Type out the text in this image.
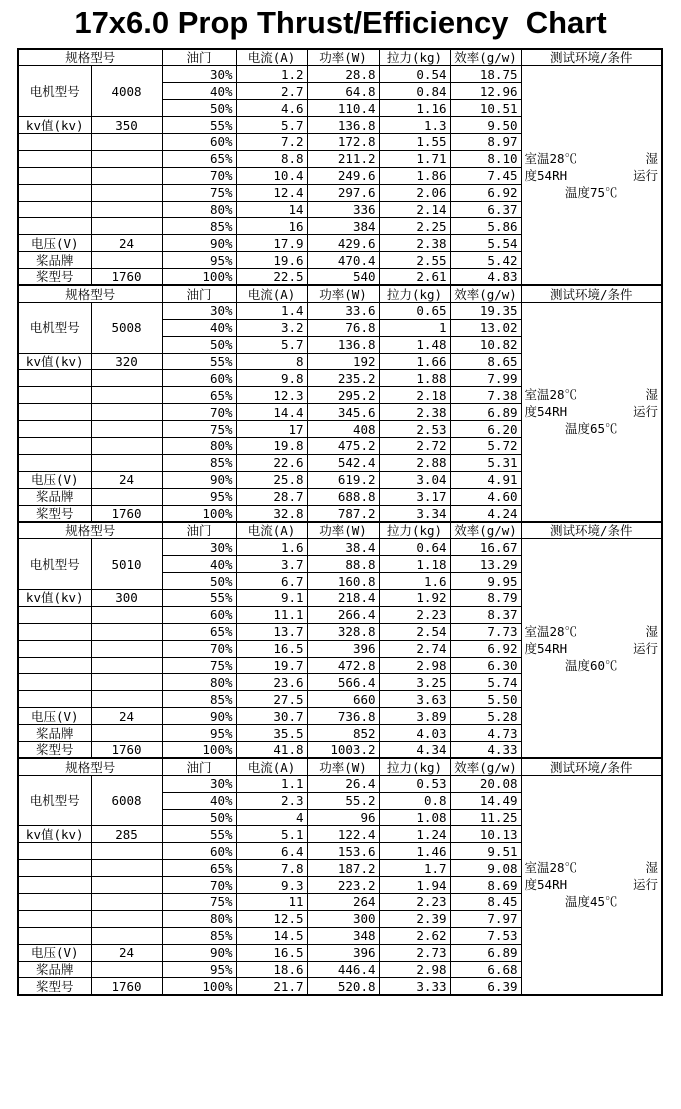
17x6.0 Prop Thrust/Efficiency  Chart
规格型号		油门	电流(A)	功率(W)	拉力(kg)	效率(g/w)	测试环境/条件
电机型号	4008	30%	1.2	28.8	0.54	18.75	室温28℃ 湿
度54RH 运行
温度75℃

		40%	2.7	64.8	0.84	12.96	
		50%	4.6	110.4	1.16	10.51	
kv值(kv)	350	55%	5.7	136.8	1.3	9.50	
		60%	7.2	172.8	1.55	8.97	
		65%	8.8	211.2	1.71	8.10	
		70%	10.4	249.6	1.86	7.45	
		75%	12.4	297.6	2.06	6.92	
		80%	14	336	2.14	6.37	
		85%	16	384	2.25	5.86	
电压(V)	24	90%	17.9	429.6	2.38	5.54	
桨品牌		95%	19.6	470.4	2.55	5.42	
桨型号	1760	100%	22.5	540	2.61	4.83	
规格型号		油门	电流(A)	功率(W)	拉力(kg)	效率(g/w)	测试环境/条件
电机型号	5008	30%	1.4	33.6	0.65	19.35	室温28℃ 湿
度54RH 运行
温度65℃

		40%	3.2	76.8	1	13.02	
		50%	5.7	136.8	1.48	10.82	
kv值(kv)	320	55%	8	192	1.66	8.65	
		60%	9.8	235.2	1.88	7.99	
		65%	12.3	295.2	2.18	7.38	
		70%	14.4	345.6	2.38	6.89	
		75%	17	408	2.53	6.20	
		80%	19.8	475.2	2.72	5.72	
		85%	22.6	542.4	2.88	5.31	
电压(V)	24	90%	25.8	619.2	3.04	4.91	
桨品牌		95%	28.7	688.8	3.17	4.60	
桨型号	1760	100%	32.8	787.2	3.34	4.24	
规格型号		油门	电流(A)	功率(W)	拉力(kg)	效率(g/w)	测试环境/条件
电机型号	5010	30%	1.6	38.4	0.64	16.67	室温28℃ 湿
度54RH 运行
温度60℃

		40%	3.7	88.8	1.18	13.29	
		50%	6.7	160.8	1.6	9.95	
kv值(kv)	300	55%	9.1	218.4	1.92	8.79	
		60%	11.1	266.4	2.23	8.37	
		65%	13.7	328.8	2.54	7.73	
		70%	16.5	396	2.74	6.92	
		75%	19.7	472.8	2.98	6.30	
		80%	23.6	566.4	3.25	5.74	
		85%	27.5	660	3.63	5.50	
电压(V)	24	90%	30.7	736.8	3.89	5.28	
桨品牌		95%	35.5	852	4.03	4.73	
桨型号	1760	100%	41.8	1003.2	4.34	4.33	
规格型号		油门	电流(A)	功率(W)	拉力(kg)	效率(g/w)	测试环境/条件
电机型号	6008	30%	1.1	26.4	0.53	20.08	室温28℃ 湿
度54RH 运行
温度45℃

		40%	2.3	55.2	0.8	14.49	
		50%	4	96	1.08	11.25	
kv值(kv)	285	55%	5.1	122.4	1.24	10.13	
		60%	6.4	153.6	1.46	9.51	
		65%	7.8	187.2	1.7	9.08	
		70%	9.3	223.2	1.94	8.69	
		75%	11	264	2.23	8.45	
		80%	12.5	300	2.39	7.97	
		85%	14.5	348	2.62	7.53	
电压(V)	24	90%	16.5	396	2.73	6.89	
桨品牌		95%	18.6	446.4	2.98	6.68	
桨型号	1760	100%	21.7	520.8	3.33	6.39	
